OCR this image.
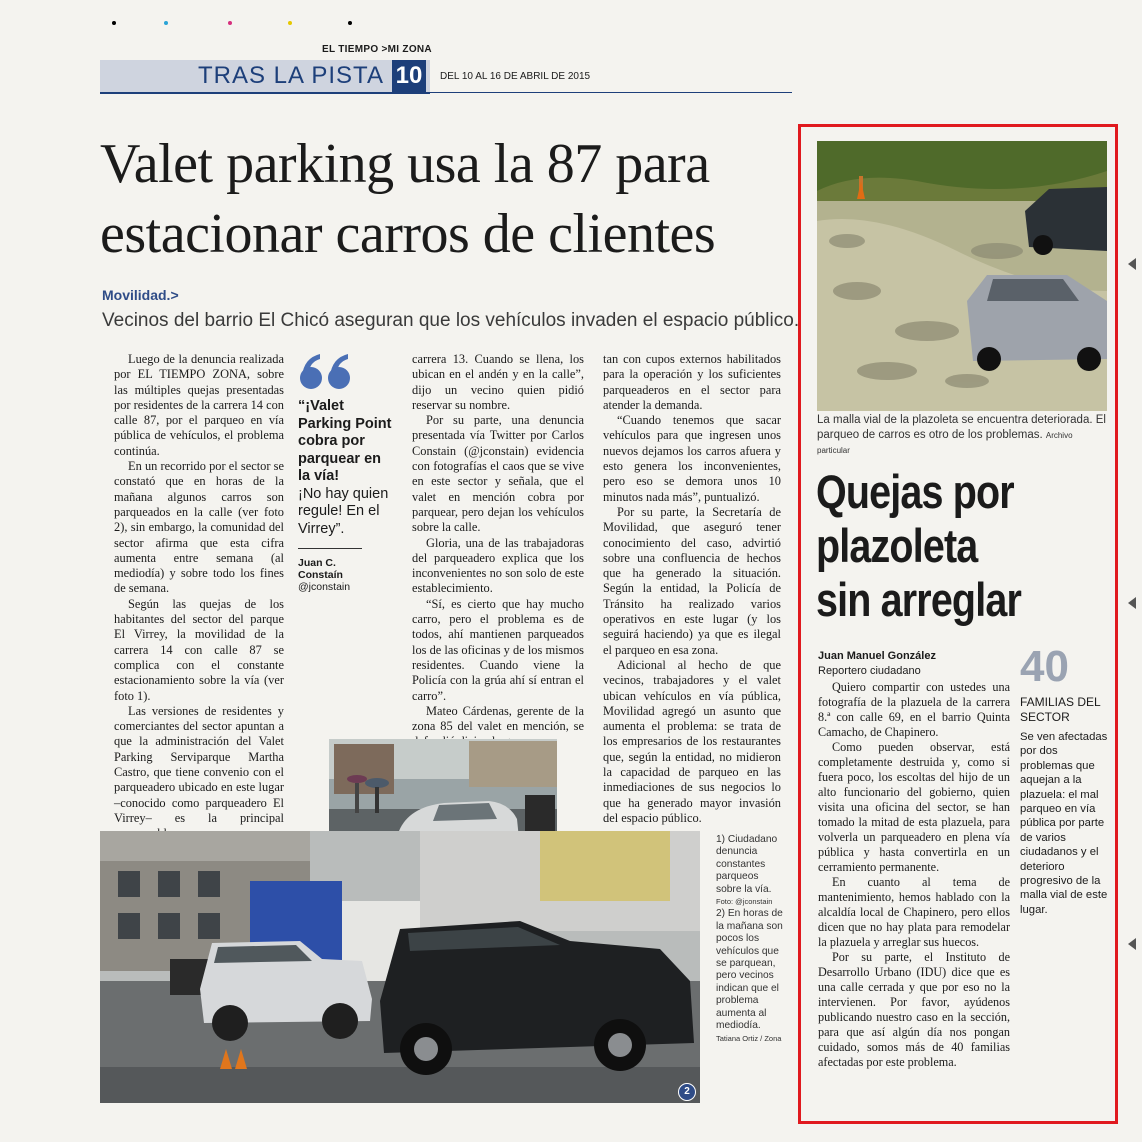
EL TIEMPO >MI ZONA
TRAS LA PISTA 10	DEL 10 AL 16 DE ABRIL DE 2015
Valet parking usa la 87 para
estacionar carros de clientes
Movilidad.>
Vecinos del barrio El Chicó aseguran que los vehículos invaden el espacio público.

Luego de la denuncia realizada por EL TIEMPO ZONA, sobre las múltiples quejas presentadas por residentes de la carrera 14 con calle 87, por el parqueo en vía pública de vehículos, el problema continúa.

En un recorrido por el sector se constató que en horas de la mañana algunos carros son parqueados en la calle (ver foto 2), sin embargo, la comunidad del sector afirma que esta cifra aumenta entre semana (al mediodía) y sobre todo los fines de semana.

Según las quejas de los habitantes del sector del parque El Virrey, la movilidad de la carrera 14 con calle 87 se complica con el constante estacionamiento sobre la vía (ver foto 1).

Las versiones de residentes y comerciantes del sector apuntan a que la administración del Valet Parking Serviparque Martha Castro, que tiene convenio con el parqueadero ubicado en este lugar –conocido como parqueadero El Virrey– es la principal

“¡Valet Parking Point cobra por parquear en la vía!
¡No hay quien regule! En el Virrey”.
Juan C. Constaín
@jconstain

carrera 13. Cuando se llena, los ubican en el andén y en la calle”, dijo un vecino quien pidió reservar su nombre.

Por su parte, una denuncia presentada vía Twitter por Carlos Constain (@jconstain) evidencia con fotografías el caos que se vive en este sector y señala, que el valet en mención cobra por parquear, pero dejan los vehículos sobre la calle.

Gloria, una de las trabajadoras del parqueadero explica que los inconvenientes no son solo de este establecimiento.

“Sí, es cierto que hay mucho carro, pero el problema es de todos, ahí mantienen parqueados los de las oficinas y de los mismos residentes. Cuando viene la Policía con la grúa ahí sí entran el carro”.

Mateo Cárdenas, gerente de la zona 85 del valet en mención, se

tan con cupos externos habilitados para la operación y los suficientes parqueaderos en el sector para atender la demanda.

“Cuando tenemos que sacar vehículos para que ingresen unos nuevos dejamos los carros afuera y esto genera los inconvenientes, pero eso se demora unos 10 minutos nada más”, puntualizó.

Por su parte, la Secretaría de Movilidad, que aseguró tener conocimiento del caso, advirtió sobre una confluencia de hechos que ha generado la situación. Según la entidad, la Policía de Tránsito ha realizado varios operativos en este lugar (y los seguirá haciendo) ya que es ilegal el parqueo en esa zona.

Adicional al hecho de que vecinos, trabajadores y el valet ubican vehículos en vía pública, Movilidad agregó un asunto que aumenta el problema: se trata de los empresarios de los restaurantes que, según la entidad, no midieron la capacidad de parqueo en las inmediaciones de sus negocios lo que ha generado mayor invasión del espacio público.

2
1) Ciudadano denuncia constantes parqueos sobre la vía.
Foto: @jconstain
2) En horas de la mañana son pocos los vehículos que se parquean, pero vecinos indican que el problema aumenta al mediodía.
Tatiana Ortiz / Zona
La malla vial de la plazoleta se encuentra deteriorada. El parqueo de carros es otro de los problemas. Archivo particular
Quejas por
plazoleta
sin arreglar
Juan Manuel González
Reportero ciudadano

Quiero compartir con ustedes una fotografía de la plazuela de la carrera 8.ª con calle 69, en el barrio Quinta Camacho, de Chapinero.

Como pueden observar, está completamente destruida y, como si fuera poco, los escoltas del hijo de un alto funcionario del gobierno, quien visita una oficina del sector, se han tomado la mitad de esta plazuela, para volverla un parqueadero en plena vía pública y hasta convertirla en un cerramiento permanente.

En cuanto al tema de mantenimiento, hemos hablado con la alcaldía local de Chapinero, pero ellos dicen que no hay plata para remodelar la plazuela y arreglar sus huecos.

Por su parte, el Instituto de Desarrollo Urbano (IDU) dice que es una calle cerrada y que por eso no la intervienen. Por favor, ayúdenos publicando nuestro caso en la sección, para que así algún día nos pongan cuidado, somos más de 40 familias afectadas por este problema.

40
FAMILIAS DEL SECTOR
Se ven afectadas por dos problemas que aquejan a la plazuela: el mal parqueo en vía pública por parte de varios ciudadanos y el deterioro progresivo de la malla vial de este lugar.
